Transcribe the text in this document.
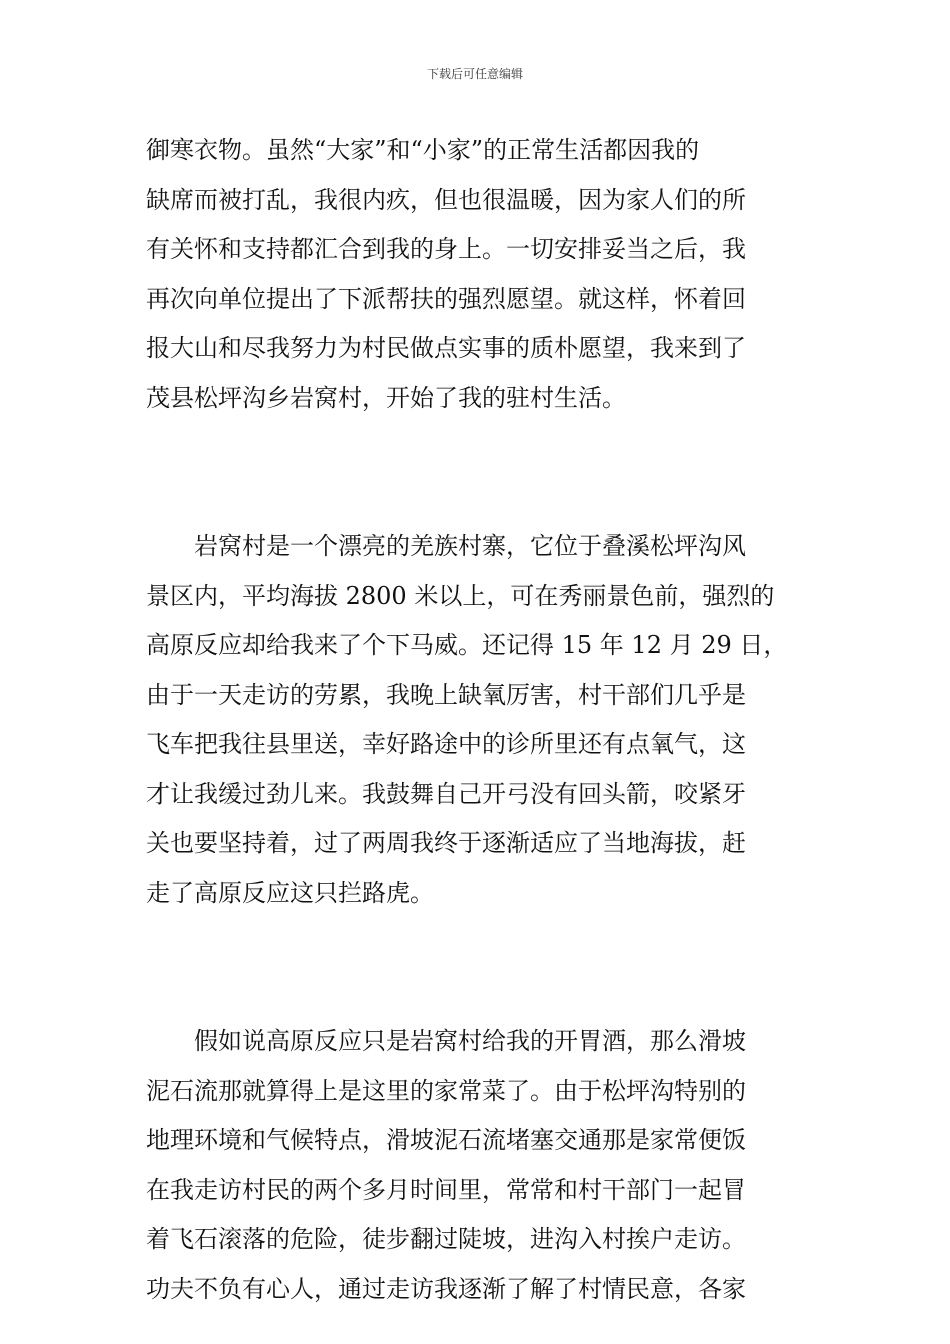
下载后可任意编辑

御寒衣物。虽然“大家”和“小家”的正常生活都因我的
缺席而被打乱，我很内疚，但也很温暖，因为家人们的所
有关怀和支持都汇合到我的身上。一切安排妥当之后，我
再次向单位提出了下派帮扶的强烈愿望。就这样，怀着回
报大山和尽我努力为村民做点实事的质朴愿望，我来到了
茂县松坪沟乡岩窝村，开始了我的驻村生活。

　　岩窝村是一个漂亮的羌族村寨，它位于叠溪松坪沟风
景区内，平均海拔 2800 米以上，可在秀丽景色前，强烈的
高原反应却给我来了个下马威。还记得 15 年 12 月 29 日，
由于一天走访的劳累，我晚上缺氧厉害，村干部们几乎是
飞车把我往县里送，幸好路途中的诊所里还有点氧气，这
才让我缓过劲儿来。我鼓舞自己开弓没有回头箭，咬紧牙
关也要坚持着，过了两周我终于逐渐适应了当地海拔，赶
走了高原反应这只拦路虎。

　　假如说高原反应只是岩窝村给我的开胃酒，那么滑坡
泥石流那就算得上是这里的家常菜了。由于松坪沟特别的
地理环境和气候特点，滑坡泥石流堵塞交通那是家常便饭
在我走访村民的两个多月时间里，常常和村干部门一起冒
着飞石滚落的危险，徒步翻过陡坡，进沟入村挨户走访。
功夫不负有心人，通过走访我逐渐了解了村情民意，各家
